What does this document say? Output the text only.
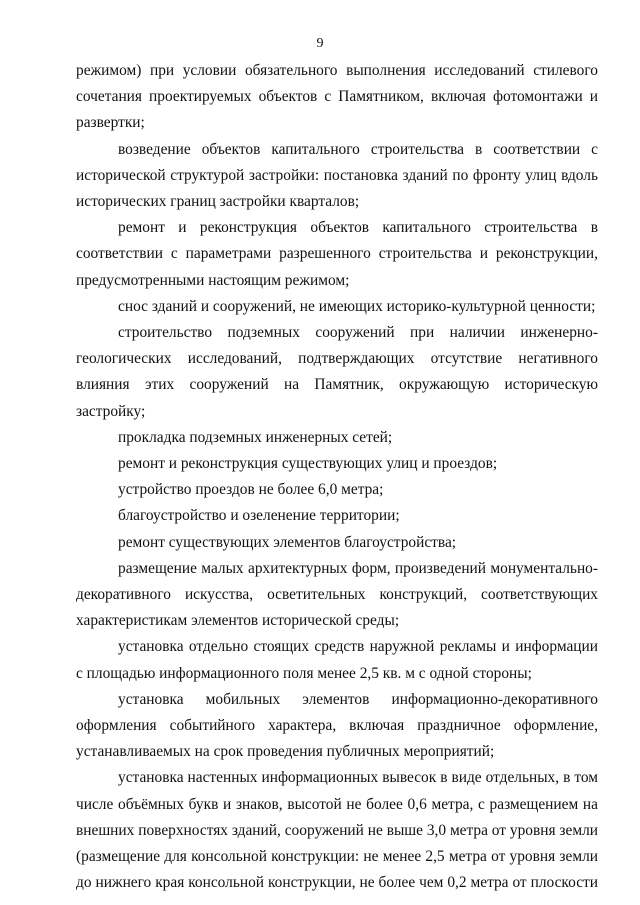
9

режимом) при условии обязательного выполнения исследований стилевого сочетания проектируемых объектов с Памятником, включая фотомонтажи и развертки;

возведение объектов капитального строительства в соответствии с исторической структурой застройки: постановка зданий по фронту улиц вдоль исторических границ застройки кварталов;

ремонт и реконструкция объектов капитального строительства в соответствии с параметрами разрешенного строительства и реконструкции, предусмотренными настоящим режимом;

снос зданий и сооружений, не имеющих историко-культурной ценности;

строительство подземных сооружений при наличии инженерно-геологических исследований, подтверждающих отсутствие негативного влияния этих сооружений на Памятник, окружающую историческую застройку;

прокладка подземных инженерных сетей;

ремонт и реконструкция существующих улиц и проездов;

устройство проездов не более 6,0 метра;

благоустройство и озеленение территории;

ремонт существующих элементов благоустройства;

размещение малых архитектурных форм, произведений монументально-декоративного искусства, осветительных конструкций, соответствующих характеристикам элементов исторической среды;

установка отдельно стоящих средств наружной рекламы и информации с площадью информационного поля менее 2,5 кв. м с одной стороны;

установка мобильных элементов информационно-декоративного оформления событийного характера, включая праздничное оформление, устанавливаемых на срок проведения публичных мероприятий;

установка настенных информационных вывесок в виде отдельных, в том числе объёмных букв и знаков, высотой не более 0,6 метра, с размещением на внешних поверхностях зданий, сооружений не выше 3,0 метра от уровня земли (размещение для консольной конструкции: не менее 2,5 метра от уровня земли до нижнего края консольной конструкции, не более чем 0,2 метра от плоскости
